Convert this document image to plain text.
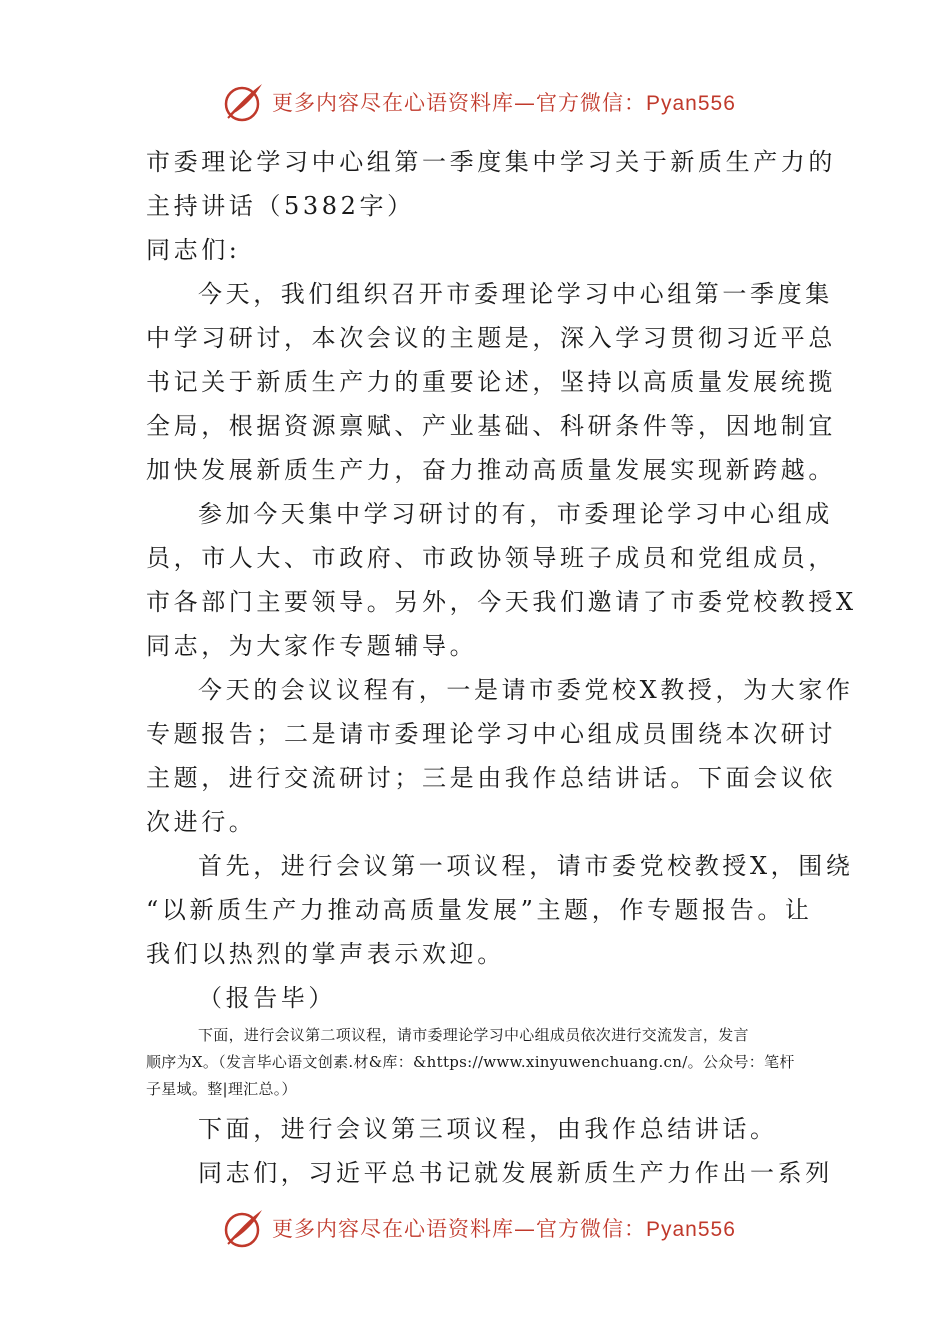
更多内容尽在心语资料库—官方微信：Pyan556

市委理论学习中心组第一季度集中学习关于新质生产力的

主持讲话（5382字）

同志们:

今天，我们组织召开市委理论学习中心组第一季度集

中学习研讨，本次会议的主题是，深入学习贯彻习近平总

书记关于新质生产力的重要论述，坚持以高质量发展统揽

全局，根据资源禀赋、产业基础、科研条件等，因地制宜

加快发展新质生产力，奋力推动高质量发展实现新跨越。

参加今天集中学习研讨的有，市委理论学习中心组成

员，市人大、市政府、市政协领导班子成员和党组成员，

市各部门主要领导。另外，今天我们邀请了市委党校教授X

同志，为大家作专题辅导。

今天的会议议程有，一是请市委党校X教授，为大家作

专题报告；二是请市委理论学习中心组成员围绕本次研讨

主题，进行交流研讨；三是由我作总结讲话。下面会议依

次进行。

首先，进行会议第一项议程，请市委党校教授X，围绕

“以新质生产力推动高质量发展”主题，作专题报告。让

我们以热烈的掌声表示欢迎。

（报告毕）

下面，进行会议第二项议程，请市委理论学习中心组成员依次进行交流发言，发言

顺序为X。（发言毕心语文创素.材&库：&https://www.xinyuwenchuang.cn/。公众号：笔杆

子星域。整|理汇总。）

下面，进行会议第三项议程，由我作总结讲话。

同志们，习近平总书记就发展新质生产力作出一系列

更多内容尽在心语资料库—官方微信：Pyan556
